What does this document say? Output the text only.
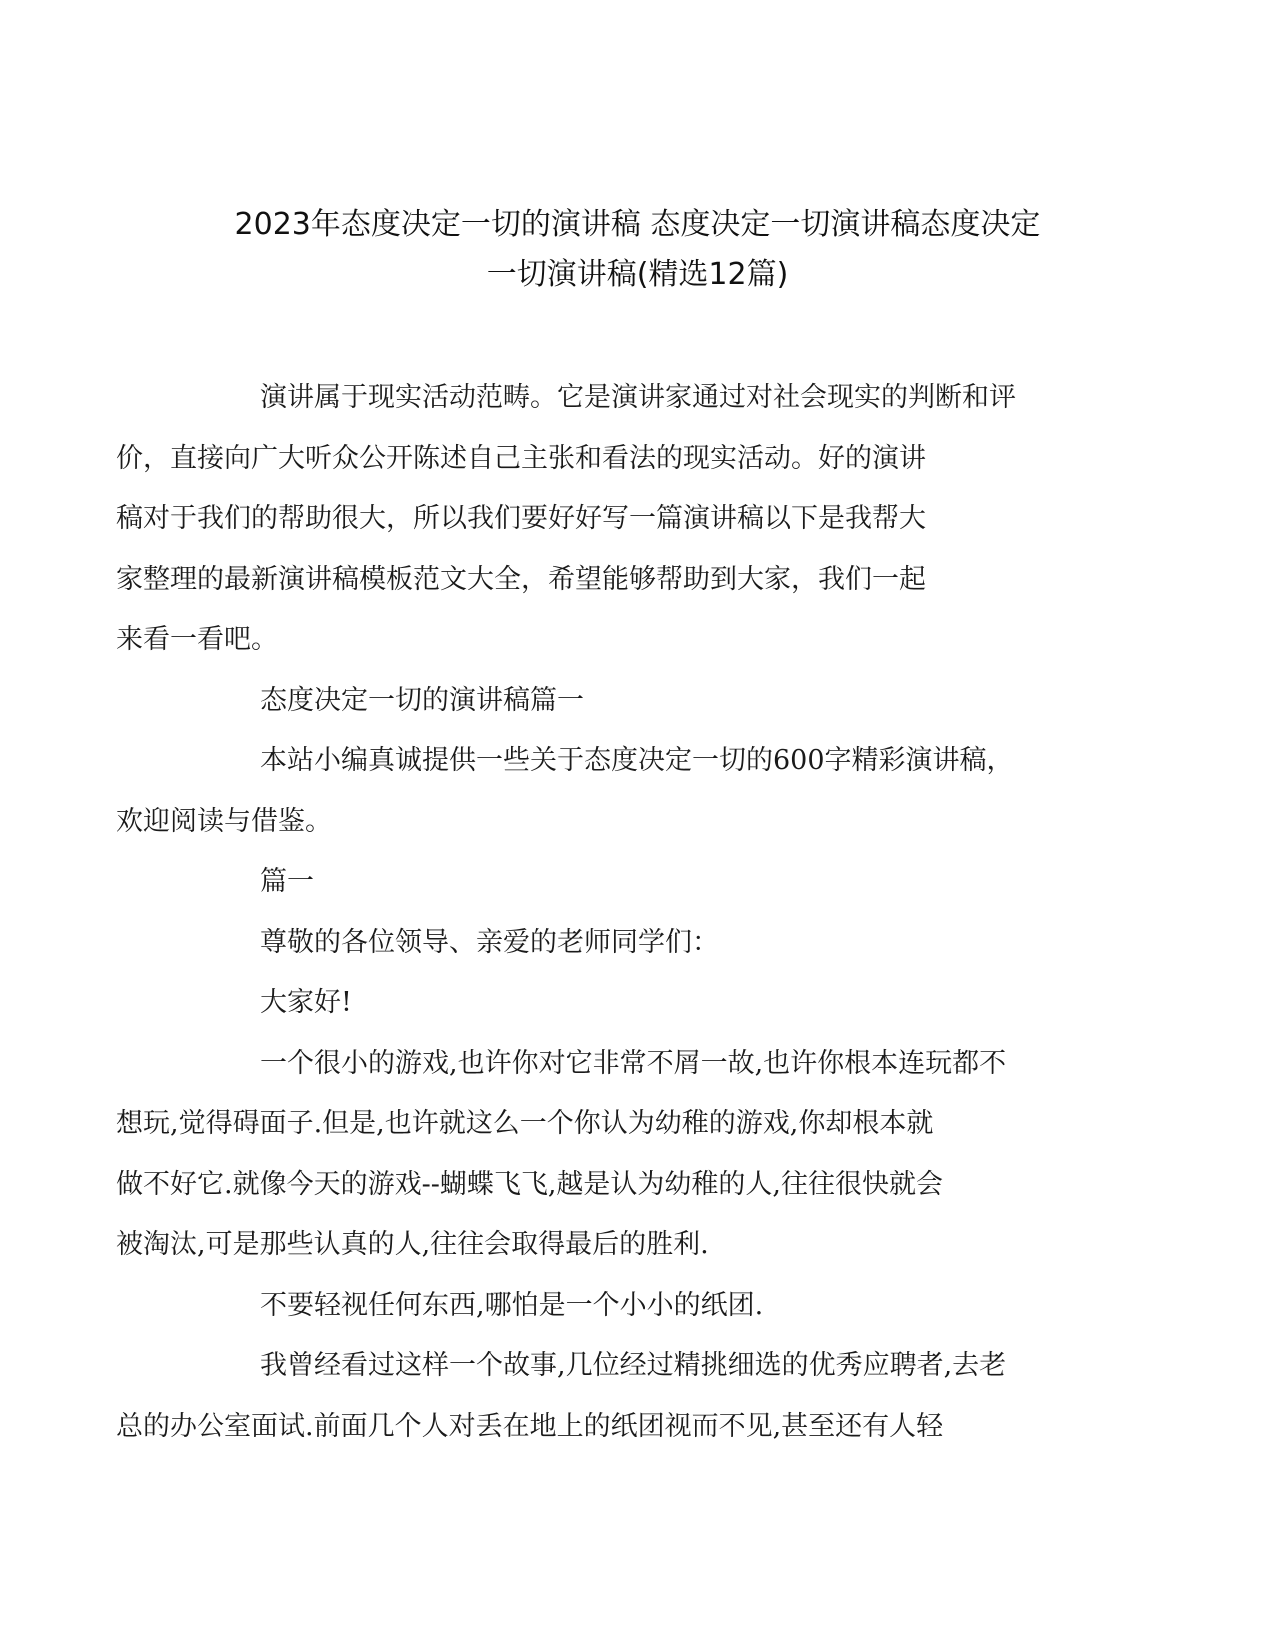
2023年态度决定一切的演讲稿 态度决定一切演讲稿态度决定
一切演讲稿(精选12篇)

演讲属于现实活动范畴。它是演讲家通过对社会现实的判断和评
价，直接向广大听众公开陈述自己主张和看法的现实活动。好的演讲
稿对于我们的帮助很大，所以我们要好好写一篇演讲稿以下是我帮大
家整理的最新演讲稿模板范文大全，希望能够帮助到大家，我们一起
来看一看吧。

态度决定一切的演讲稿篇一

本站小编真诚提供一些关于态度决定一切的600字精彩演讲稿，
欢迎阅读与借鉴。

篇一

尊敬的各位领导、亲爱的老师同学们：

大家好!

一个很小的游戏,也许你对它非常不屑一故,也许你根本连玩都不
想玩,觉得碍面子.但是,也许就这么一个你认为幼稚的游戏,你却根本就
做不好它.就像今天的游戏--蝴蝶飞飞,越是认为幼稚的人,往往很快就会
被淘汰,可是那些认真的人,往往会取得最后的胜利.

不要轻视任何东西,哪怕是一个小小的纸团.

我曾经看过这样一个故事,几位经过精挑细选的优秀应聘者,去老
总的办公室面试.前面几个人对丢在地上的纸团视而不见,甚至还有人轻
